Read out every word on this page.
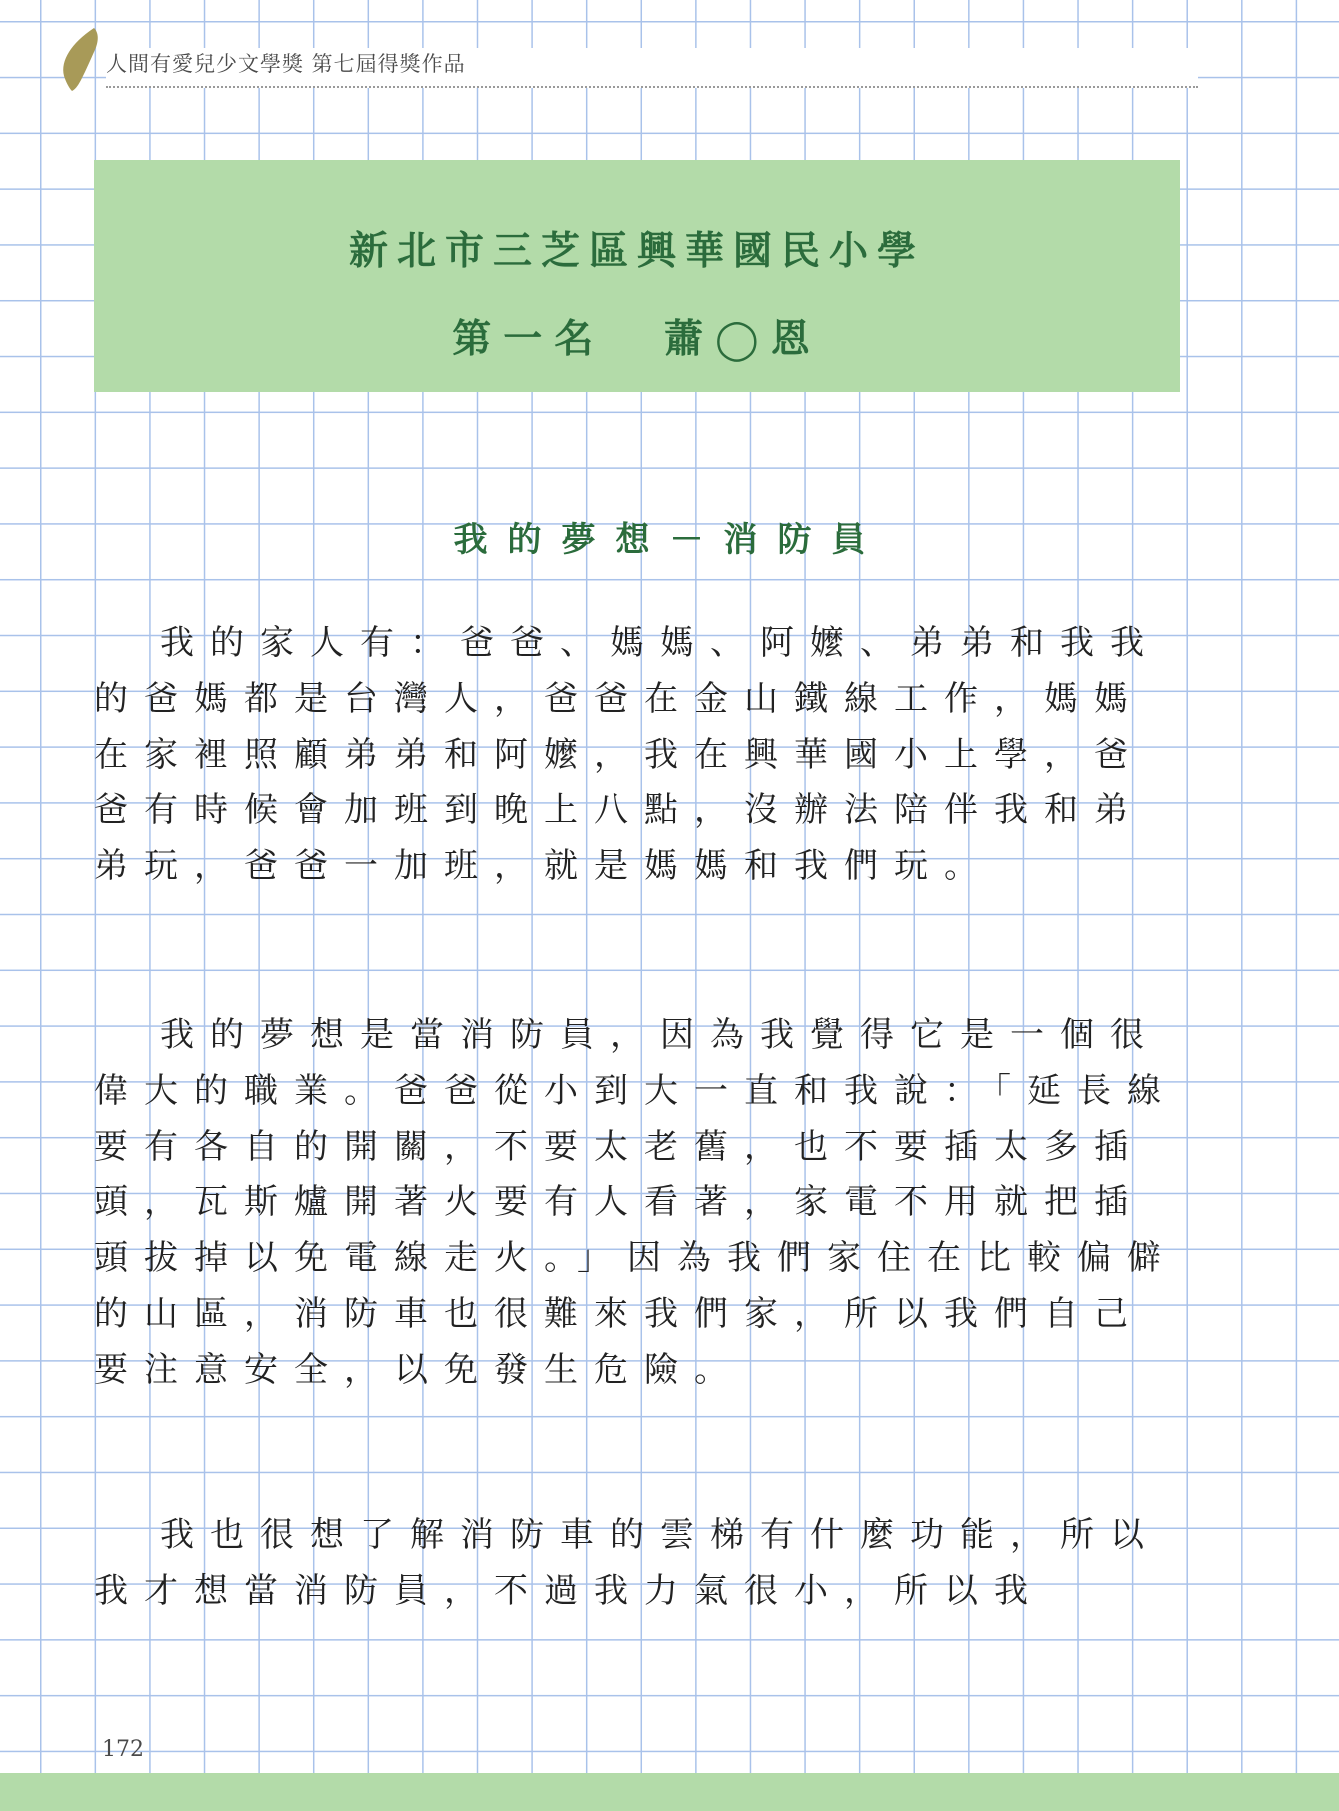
人間有愛兒少文學獎 第七屆得獎作品
新北市三芝區興華國民小學
第一名 蕭◯恩
我的夢想－消防員

我的家人有：爸爸、媽媽、阿嬤、弟弟和我我的爸媽都是台灣人，爸爸在金山鐵線工作，媽媽在家裡照顧弟弟和阿嬤，我在興華國小上學，爸爸有時候會加班到晚上八點，沒辦法陪伴我和弟弟玩，爸爸一加班，就是媽媽和我們玩。

我的夢想是當消防員，因為我覺得它是一個很偉大的職業。爸爸從小到大一直和我說：「延長線要有各自的開關，不要太老舊，也不要插太多插頭，瓦斯爐開著火要有人看著，家電不用就把插頭拔掉以免電線走火。」因為我們家住在比較偏僻的山區，消防車也很難來我們家，所以我們自己要注意安全，以免發生危險。

我也很想了解消防車的雲梯有什麼功能，所以我才想當消防員，不過我力氣很小，所以我

172
